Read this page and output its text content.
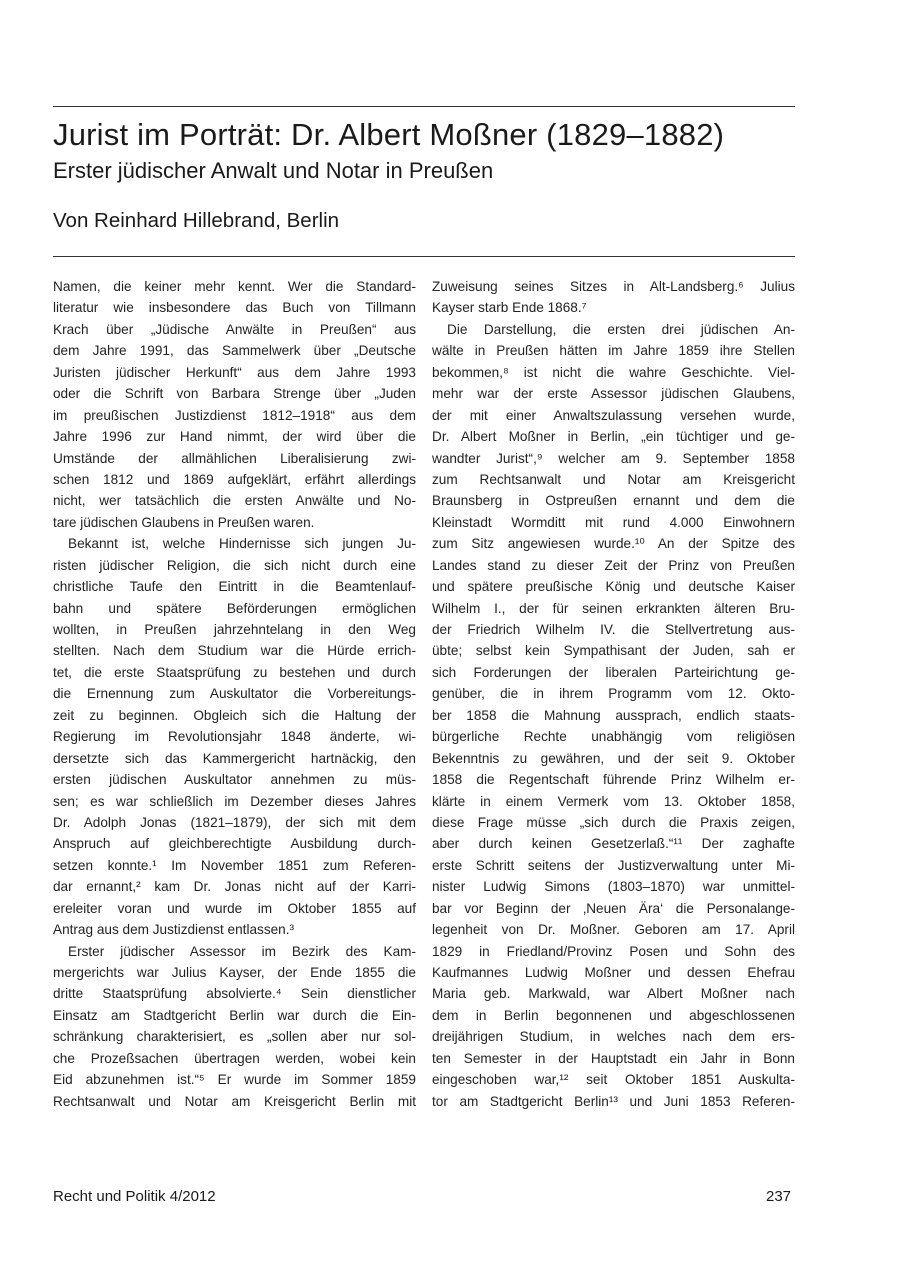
Jurist im Porträt: Dr. Albert Moßner (1829–1882)
Erster jüdischer Anwalt und Notar in Preußen
Von Reinhard Hillebrand, Berlin
Namen, die keiner mehr kennt. Wer die Standard-
literatur wie insbesondere das Buch von Tillmann
Krach über „Jüdische Anwälte in Preußen“ aus
dem Jahre 1991, das Sammelwerk über „Deutsche
Juristen jüdischer Herkunft“ aus dem Jahre 1993
oder die Schrift von Barbara Strenge über „Juden
im preußischen Justizdienst 1812–1918“ aus dem
Jahre 1996 zur Hand nimmt, der wird über die
Umstände der allmählichen Liberalisierung zwi-
schen 1812 und 1869 aufgeklärt, erfährt allerdings
nicht, wer tatsächlich die ersten Anwälte und No-
tare jüdischen Glaubens in Preußen waren.
Bekannt ist, welche Hindernisse sich jungen Ju-
risten jüdischer Religion, die sich nicht durch eine
christliche Taufe den Eintritt in die Beamtenlauf-
bahn und spätere Beförderungen ermöglichen
wollten, in Preußen jahrzehntelang in den Weg
stellten. Nach dem Studium war die Hürde errich-
tet, die erste Staatsprüfung zu bestehen und durch
die Ernennung zum Auskultator die Vorbereitungs-
zeit zu beginnen. Obgleich sich die Haltung der
Regierung im Revolutionsjahr 1848 änderte, wi-
dersetzte sich das Kammergericht hartnäckig, den
ersten jüdischen Auskultator annehmen zu müs-
sen; es war schließlich im Dezember dieses Jahres
Dr. Adolph Jonas (1821–1879), der sich mit dem
Anspruch auf gleichberechtigte Ausbildung durch-
setzen konnte.¹ Im November 1851 zum Referen-
dar ernannt,² kam Dr. Jonas nicht auf der Karri-
ereleiter voran und wurde im Oktober 1855 auf
Antrag aus dem Justizdienst entlassen.³
Erster jüdischer Assessor im Bezirk des Kam-
mergerichts war Julius Kayser, der Ende 1855 die
dritte Staatsprüfung absolvierte.⁴ Sein dienstlicher
Einsatz am Stadtgericht Berlin war durch die Ein-
schränkung charakterisiert, es „sollen aber nur sol-
che Prozeßsachen übertragen werden, wobei kein
Eid abzunehmen ist.“⁵ Er wurde im Sommer 1859
Rechtsanwalt und Notar am Kreisgericht Berlin mit
Zuweisung seines Sitzes in Alt-Landsberg.⁶ Julius
Kayser starb Ende 1868.⁷
Die Darstellung, die ersten drei jüdischen An-
wälte in Preußen hätten im Jahre 1859 ihre Stellen
bekommen,⁸ ist nicht die wahre Geschichte. Viel-
mehr war der erste Assessor jüdischen Glaubens,
der mit einer Anwaltszulassung versehen wurde,
Dr. Albert Moßner in Berlin, „ein tüchtiger und ge-
wandter Jurist“,⁹ welcher am 9. September 1858
zum Rechtsanwalt und Notar am Kreisgericht
Braunsberg in Ostpreußen ernannt und dem die
Kleinstadt Wormditt mit rund 4.000 Einwohnern
zum Sitz angewiesen wurde.¹⁰ An der Spitze des
Landes stand zu dieser Zeit der Prinz von Preußen
und spätere preußische König und deutsche Kaiser
Wilhelm I., der für seinen erkrankten älteren Bru-
der Friedrich Wilhelm IV. die Stellvertretung aus-
übte; selbst kein Sympathisant der Juden, sah er
sich Forderungen der liberalen Parteirichtung ge-
genüber, die in ihrem Programm vom 12. Okto-
ber 1858 die Mahnung aussprach, endlich staats-
bürgerliche Rechte unabhängig vom religiösen
Bekenntnis zu gewähren, und der seit 9. Oktober
1858 die Regentschaft führende Prinz Wilhelm er-
klärte in einem Vermerk vom 13. Oktober 1858,
diese Frage müsse „sich durch die Praxis zeigen,
aber durch keinen Gesetzerlaß.“¹¹ Der zaghafte
erste Schritt seitens der Justizverwaltung unter Mi-
nister Ludwig Simons (1803–1870) war unmittel-
bar vor Beginn der ‚Neuen Ära‘ die Personalange-
legenheit von Dr. Moßner. Geboren am 17. April
1829 in Friedland/Provinz Posen und Sohn des
Kaufmannes Ludwig Moßner und dessen Ehefrau
Maria geb. Markwald, war Albert Moßner nach
dem in Berlin begonnenen und abgeschlossenen
dreijährigen Studium, in welches nach dem ers-
ten Semester in der Hauptstadt ein Jahr in Bonn
eingeschoben war,¹² seit Oktober 1851 Auskulta-
tor am Stadtgericht Berlin¹³ und Juni 1853 Referen-
Recht und Politik 4/2012	237
